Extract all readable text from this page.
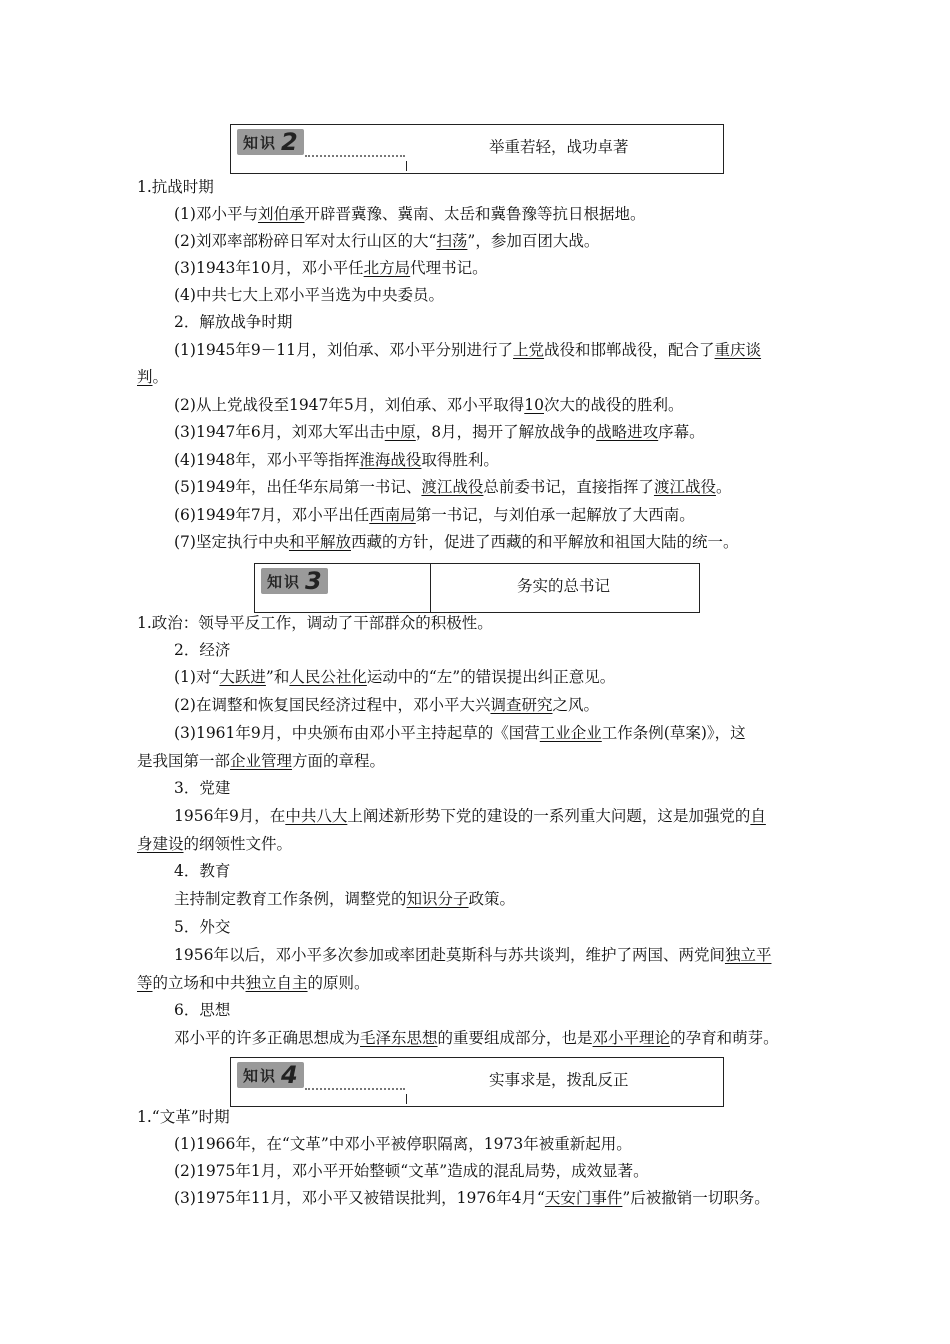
知识 2	举重若轻，战功卓著
1.抗战时期
(1)邓小平与刘伯承开辟晋冀豫、冀南、太岳和冀鲁豫等抗日根据地。
(2)刘邓率部粉碎日军对太行山区的大“扫荡”，参加百团大战。
(3)1943年10月，邓小平任北方局代理书记。
(4)中共七大上邓小平当选为中央委员。
2．解放战争时期
(1)1945年9－11月，刘伯承、邓小平分别进行了上党战役和邯郸战役，配合了重庆谈
判。
(2)从上党战役至1947年5月，刘伯承、邓小平取得10次大的战役的胜利。
(3)1947年6月，刘邓大军出击中原，8月，揭开了解放战争的战略进攻序幕。
(4)1948年，邓小平等指挥淮海战役取得胜利。
(5)1949年，出任华东局第一书记、渡江战役总前委书记，直接指挥了渡江战役。
(6)1949年7月，邓小平出任西南局第一书记，与刘伯承一起解放了大西南。
(7)坚定执行中央和平解放西藏的方针，促进了西藏的和平解放和祖国大陆的统一。
知识 3	务实的总书记
1.政治：领导平反工作，调动了干部群众的积极性。
2．经济
(1)对“大跃进”和人民公社化运动中的“左”的错误提出纠正意见。
(2)在调整和恢复国民经济过程中，邓小平大兴调查研究之风。
(3)1961年9月，中央颁布由邓小平主持起草的《国营工业企业工作条例(草案)》，这
是我国第一部企业管理方面的章程。
3．党建
1956年9月，在中共八大上阐述新形势下党的建设的一系列重大问题，这是加强党的自
身建设的纲领性文件。
4．教育
主持制定教育工作条例，调整党的知识分子政策。
5．外交
1956年以后，邓小平多次参加或率团赴莫斯科与苏共谈判，维护了两国、两党间独立平
等的立场和中共独立自主的原则。
6．思想
邓小平的许多正确思想成为毛泽东思想的重要组成部分，也是邓小平理论的孕育和萌芽。
知识 4	实事求是，拨乱反正
1.“文革”时期
(1)1966年，在“文革”中邓小平被停职隔离，1973年被重新起用。
(2)1975年1月，邓小平开始整顿“文革”造成的混乱局势，成效显著。
(3)1975年11月，邓小平又被错误批判，1976年4月“天安门事件”后被撤销一切职务。
